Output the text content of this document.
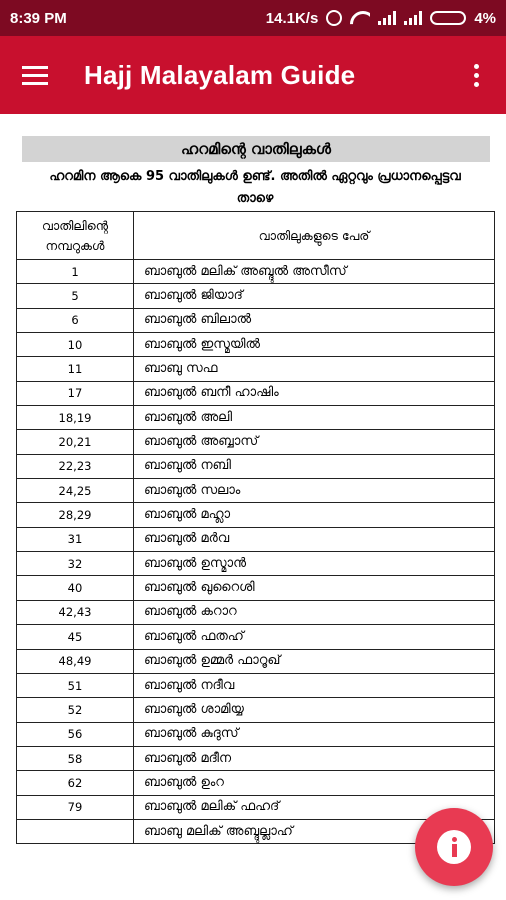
8:39 PM	14.1K/s	4%
Hajj Malayalam Guide
ഹറമിന്റെ വാതിലുകൾ
ഹറമിന ആകെ 95 വാതിലുകൾ ഉണ്ട്. അതിൽ ഏറ്റവും പ്രധാനപ്പെട്ടവ താഴെ
വാതിലിന്റെ നമ്പറുകൾ	വാതിലുകളുടെ പേര്
1	ബാബുൽ മലിക് അബ്ദുൽ അസീസ്
5	ബാബുൽ ജിയാദ്
6	ബാബുൽ ബിലാൽ
10	ബാബുൽ ഇസ്മയിൽ
11	ബാബു സഫ
17	ബാബുൽ ബനീ ഹാഷിം
18,19	ബാബുൽ അലി
20,21	ബാബുൽ അബ്ബാസ്
22,23	ബാബുൽ നബി
24,25	ബാബുൽ സലാം
28,29	ബാബുൽ മഹ്ലാ
31	ബാബുൽ മർവ
32	ബാബുൽ ഉസ്മാൻ
40	ബാബുൽ ഖുറൈശി
42,43	ബാബുൽ കറാറ
45	ബാബുൽ ഫതഹ്
48,49	ബാബുൽ ഉമ്മർ ഫാറൂഖ്
51	ബാബുൽ നദീവ
52	ബാബുൽ ശാമിയ്യ
56	ബാബുൽ കുദുസ്
58	ബാബുൽ മദീന
62	ബാബുൽ ഉംറ
79	ബാബുൽ മലിക് ഫഹദ്
	ബാബു മലിക് അബ്ദുല്ലാഹ്
